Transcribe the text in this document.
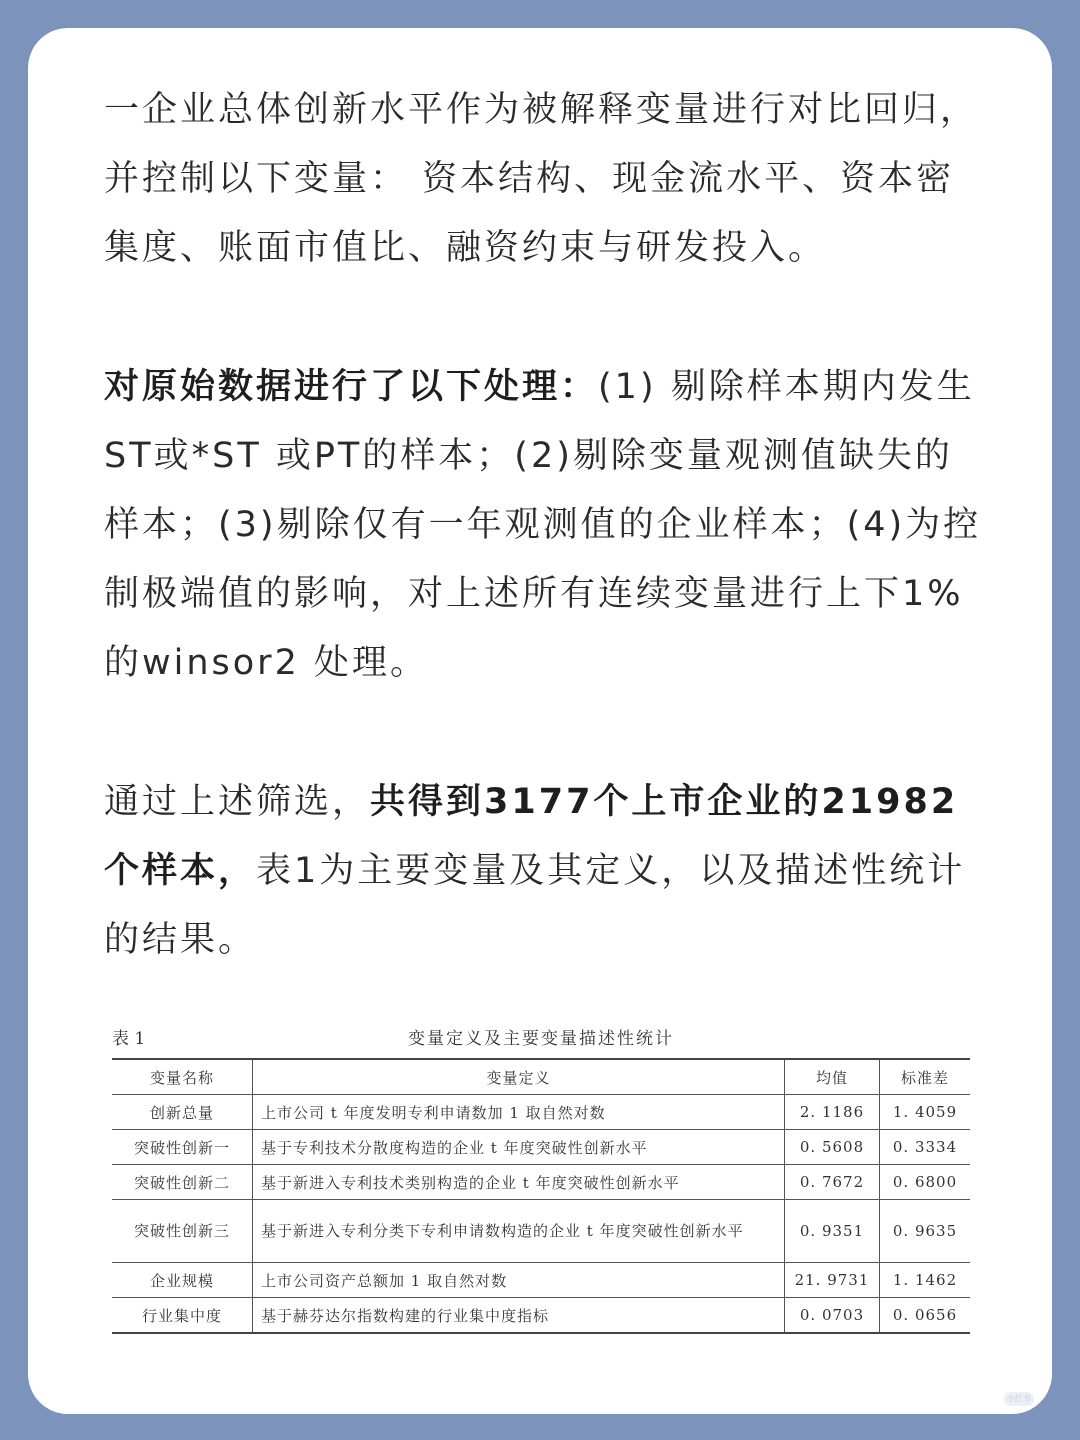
一企业总体创新水平作为被解释变量进行对比回归，并控制以下变量： 资本结构、现金流水平、资本密集度、账面市值比、融资约束与研发投入。

对原始数据进行了以下处理：(1) 剔除样本期内发生ST或*ST 或PT的样本；(2)剔除变量观测值缺失的样本；(3)剔除仅有一年观测值的企业样本；(4)为控制极端值的影响，对上述所有连续变量进行上下1%的winsor2 处理。

通过上述筛选，共得到3177个上市企业的21982个样本，表1为主要变量及其定义，以及描述性统计的结果。

表 1	变量定义及主要变量描述性统计
变量名称	变量定义	均值	标准差
创新总量	上市公司 t 年度发明专利申请数加 1 取自然对数	2. 1186	1. 4059
突破性创新一	基于专利技术分散度构造的企业 t 年度突破性创新水平	0. 5608	0. 3334
突破性创新二	基于新进入专利技术类别构造的企业 t 年度突破性创新水平	0. 7672	0. 6800
突破性创新三	基于新进入专利分类下专利申请数构造的企业 t 年度突破性创新水平	0. 9351	0. 9635
企业规模	上市公司资产总额加 1 取自然对数	21. 9731	1. 1462
行业集中度	基于赫芬达尔指数构建的行业集中度指标	0. 0703	0. 0656
小红书
